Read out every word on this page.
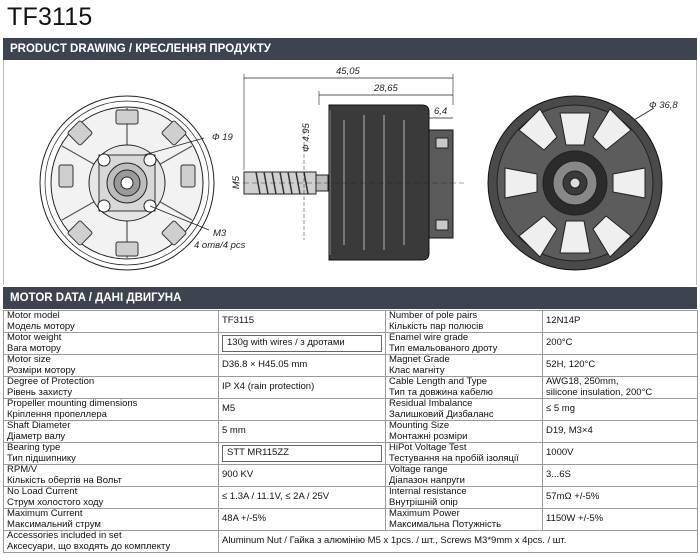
TF3115
PRODUCT DRAWING / КРЕСЛЕННЯ ПРОДУКТУ
Ф 19
M3
4 отв/4 pcs
M5
Ф 4.95
45,05
28,65
6,4
Ф 36,8
MOTOR DATA / ДАНІ ДВИГУНА
Motor model
Модель мотору	TF3115	Number of pole pairs
Кількість пар полюсів	12N14P

Motor weight
Вага мотору	130g with wires / з дротами	Enamel wire grade
Тип емальованого дроту	200°C

Motor size
Розміри мотору	D36.8 × H45.05 mm	Magnet Grade
Клас магніту	52H, 120°C

Degree of Protection
Рівень захисту	IP X4 (rain protection)	Cable Length and Type
Тип та довжина кабелю	AWG18, 250mm,
silicone insulation, 200°C

Propeller mounting dimensions
Кріплення пропеллера	M5	Residual Imbalance
Залишковий Дизбаланс	≤ 5 mg

Shaft Diameter
Діаметр валу	5 mm	Mounting Size
Монтажні розміри	D19, M3×4

Bearing type
Тип підшипнику	STT MR115ZZ	HiPot Voltage Test
Тестування на пробій ізоляції	1000V

RPM/V
Кількість обертів на Вольт	900 KV	Voltage range
Діапазон напруги	3...6S

No Load Current
Струм холостого ходу	≤ 1.3A / 11.1V, ≤ 2A / 25V	Internal resistance
Внутрішній опір	57mΩ +/-5%

Maximum Current
Максимальний струм	48A +/-5%	Maximum Power
Максимальна Потужність	1150W +/-5%

Accessories included in set
Аксесуари, що входять до комплекту	Aluminum Nut / Гайка з алюмінію M5 x 1pcs. / шт., Screws M3*9mm x 4pcs. / шт.		
